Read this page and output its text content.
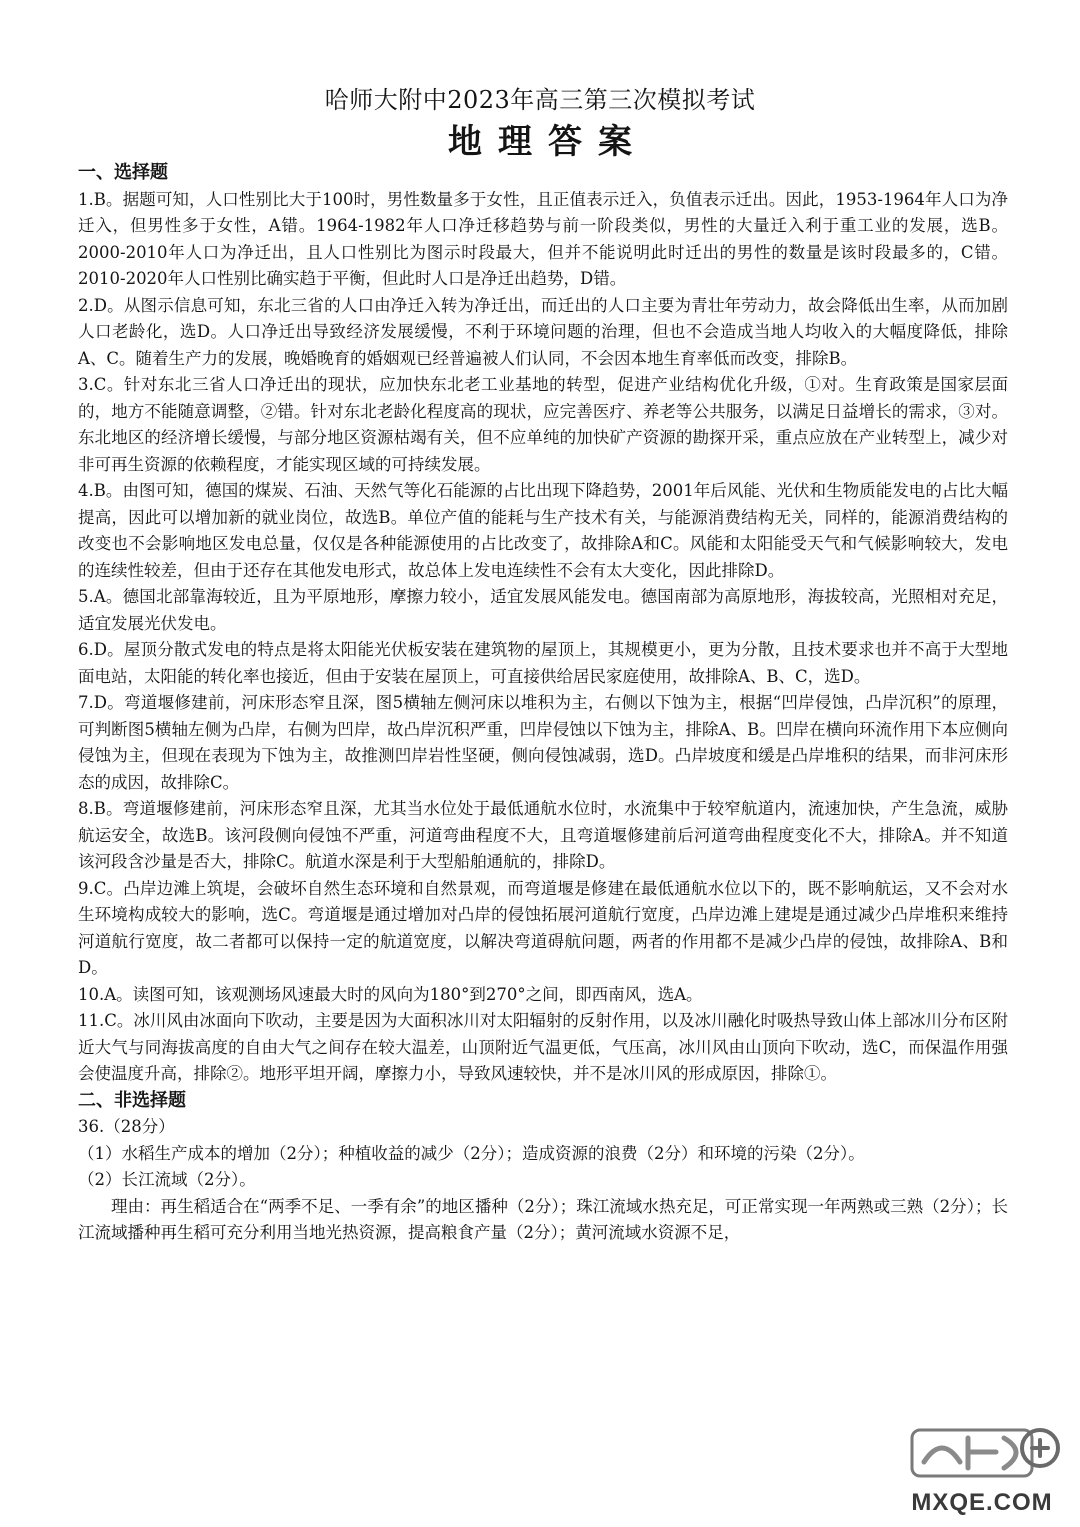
哈师大附中2023年高三第三次模拟考试
地理答案

一、选择题

1.B。据题可知，人口性别比大于100时，男性数量多于女性，且正值表示迁入，负值表示迁出。因此，1953-1964年人口为净迁入，但男性多于女性，A错。1964-1982年人口净迁移趋势与前一阶段类似，男性的大量迁入利于重工业的发展，选B。2000-2010年人口为净迁出，且人口性别比为图示时段最大，但并不能说明此时迁出的男性的数量是该时段最多的，C错。2010-2020年人口性别比确实趋于平衡，但此时人口是净迁出趋势，D错。

2.D。从图示信息可知，东北三省的人口由净迁入转为净迁出，而迁出的人口主要为青壮年劳动力，故会降低出生率，从而加剧人口老龄化，选D。人口净迁出导致经济发展缓慢，不利于环境问题的治理，但也不会造成当地人均收入的大幅度降低，排除A、C。随着生产力的发展，晚婚晚育的婚姻观已经普遍被人们认同，不会因本地生育率低而改变，排除B。

3.C。针对东北三省人口净迁出的现状，应加快东北老工业基地的转型，促进产业结构优化升级，①对。生育政策是国家层面的，地方不能随意调整，②错。针对东北老龄化程度高的现状，应完善医疗、养老等公共服务，以满足日益增长的需求，③对。东北地区的经济增长缓慢，与部分地区资源枯竭有关，但不应单纯的加快矿产资源的勘探开采，重点应放在产业转型上，减少对非可再生资源的依赖程度，才能实现区域的可持续发展。

4.B。由图可知，德国的煤炭、石油、天然气等化石能源的占比出现下降趋势，2001年后风能、光伏和生物质能发电的占比大幅提高，因此可以增加新的就业岗位，故选B。单位产值的能耗与生产技术有关，与能源消费结构无关，同样的，能源消费结构的改变也不会影响地区发电总量，仅仅是各种能源使用的占比改变了，故排除A和C。风能和太阳能受天气和气候影响较大，发电的连续性较差，但由于还存在其他发电形式，故总体上发电连续性不会有太大变化，因此排除D。

5.A。德国北部靠海较近，且为平原地形，摩擦力较小，适宜发展风能发电。德国南部为高原地形，海拔较高，光照相对充足，适宜发展光伏发电。

6.D。屋顶分散式发电的特点是将太阳能光伏板安装在建筑物的屋顶上，其规模更小，更为分散，且技术要求也并不高于大型地面电站，太阳能的转化率也接近，但由于安装在屋顶上，可直接供给居民家庭使用，故排除A、B、C，选D。

7.D。弯道堰修建前，河床形态窄且深，图5横轴左侧河床以堆积为主，右侧以下蚀为主，根据“凹岸侵蚀，凸岸沉积”的原理，可判断图5横轴左侧为凸岸，右侧为凹岸，故凸岸沉积严重，凹岸侵蚀以下蚀为主，排除A、B。凹岸在横向环流作用下本应侧向侵蚀为主，但现在表现为下蚀为主，故推测凹岸岩性坚硬，侧向侵蚀减弱，选D。凸岸坡度和缓是凸岸堆积的结果，而非河床形态的成因，故排除C。

8.B。弯道堰修建前，河床形态窄且深，尤其当水位处于最低通航水位时，水流集中于较窄航道内，流速加快，产生急流，威胁航运安全，故选B。该河段侧向侵蚀不严重，河道弯曲程度不大，且弯道堰修建前后河道弯曲程度变化不大，排除A。并不知道该河段含沙量是否大，排除C。航道水深是利于大型船舶通航的，排除D。

9.C。凸岸边滩上筑堤，会破坏自然生态环境和自然景观，而弯道堰是修建在最低通航水位以下的，既不影响航运，又不会对水生环境构成较大的影响，选C。弯道堰是通过增加对凸岸的侵蚀拓展河道航行宽度，凸岸边滩上建堤是通过减少凸岸堆积来维持河道航行宽度，故二者都可以保持一定的航道宽度，以解决弯道碍航问题，两者的作用都不是减少凸岸的侵蚀，故排除A、B和D。

10.A。读图可知，该观测场风速最大时的风向为180°到270°之间，即西南风，选A。

11.C。冰川风由冰面向下吹动，主要是因为大面积冰川对太阳辐射的反射作用，以及冰川融化时吸热导致山体上部冰川分布区附近大气与同海拔高度的自由大气之间存在较大温差，山顶附近气温更低，气压高，冰川风由山顶向下吹动，选C，而保温作用强会使温度升高，排除②。地形平坦开阔，摩擦力小，导致风速较快，并不是冰川风的形成原因，排除①。

二、非选择题

36.（28分）

（1）水稻生产成本的增加（2分）；种植收益的减少（2分）；造成资源的浪费（2分）和环境的污染（2分）。

（2）长江流域（2分）。

理由：再生稻适合在“两季不足、一季有余”的地区播种（2分）；珠江流域水热充足，可正常实现一年两熟或三熟（2分）；长江流域播种再生稻可充分利用当地光热资源，提高粮食产量（2分）；黄河流域水资源不足，

MXQE.COM
